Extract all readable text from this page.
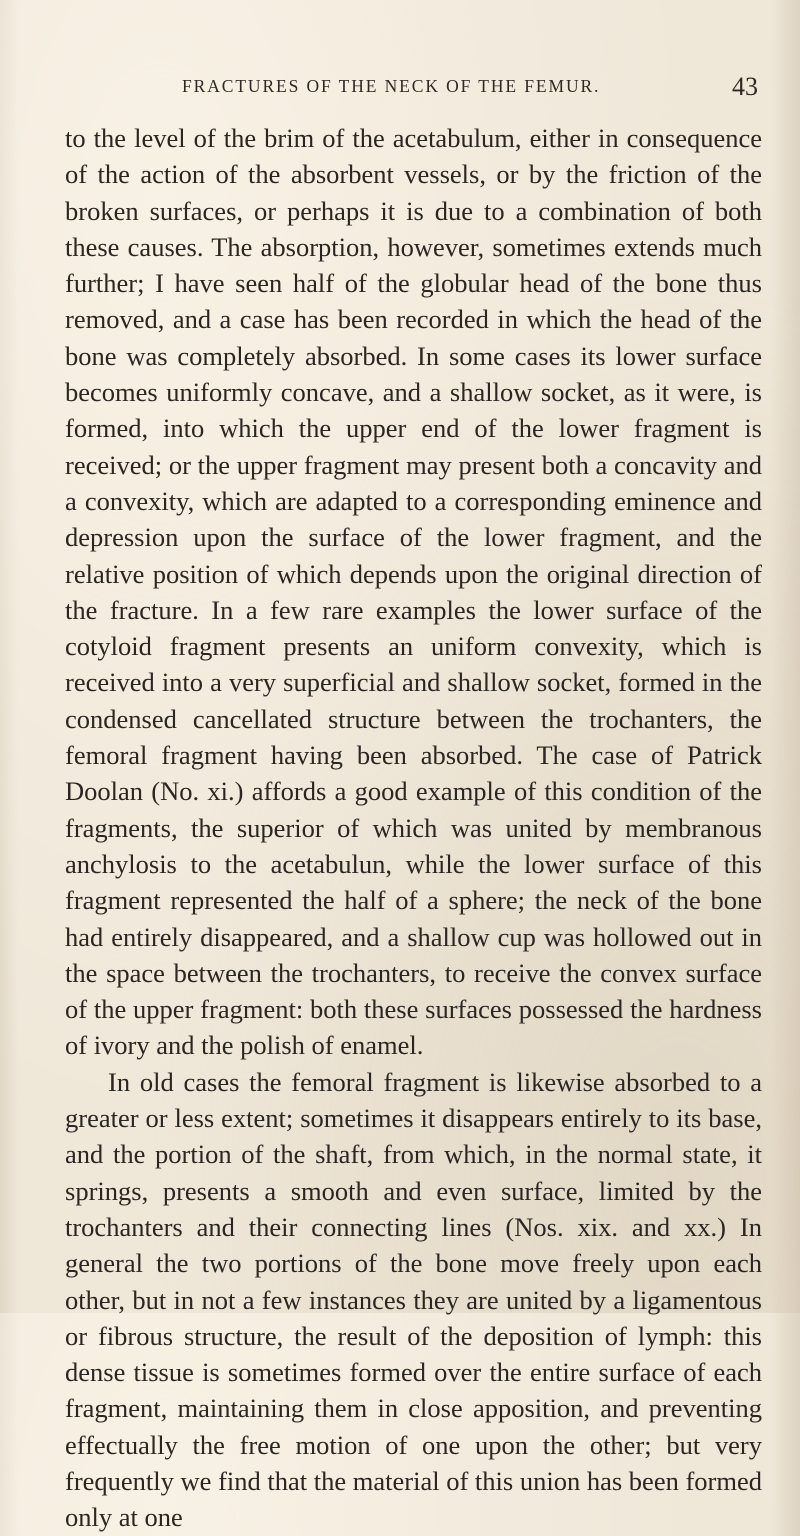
FRACTURES OF THE NECK OF THE FEMUR.	43

to the level of the brim of the acetabulum, either in consequence of the action of the absorbent vessels, or by the friction of the broken surfaces, or perhaps it is due to a combination of both these causes. The absorption, however, sometimes extends much further; I have seen half of the globular head of the bone thus removed, and a case has been recorded in which the head of the bone was completely absorbed. In some cases its lower surface becomes uniformly concave, and a shallow socket, as it were, is formed, into which the upper end of the lower fragment is received; or the upper fragment may present both a concavity and a convexity, which are adapted to a corresponding eminence and depression upon the surface of the lower fragment, and the relative position of which depends upon the original direction of the fracture. In a few rare examples the lower surface of the cotyloid fragment presents an uniform convexity, which is received into a very superficial and shallow socket, formed in the condensed cancellated structure between the trochanters, the femoral fragment having been absorbed. The case of Patrick Doolan (No. xi.) affords a good example of this condition of the fragments, the superior of which was united by membranous anchylosis to the acetabulun, while the lower surface of this fragment represented the half of a sphere; the neck of the bone had entirely disappeared, and a shallow cup was hollowed out in the space between the trochanters, to receive the convex surface of the upper fragment: both these surfaces possessed the hardness of ivory and the polish of enamel.

In old cases the femoral fragment is likewise absorbed to a greater or less extent; sometimes it disappears entirely to its base, and the portion of the shaft, from which, in the normal state, it springs, presents a smooth and even surface, limited by the trochanters and their connecting lines (Nos. xix. and xx.) In general the two portions of the bone move freely upon each other, but in not a few instances they are united by a ligamentous or fibrous structure, the result of the deposition of lymph: this dense tissue is sometimes formed over the entire surface of each fragment, maintaining them in close apposition, and preventing effectually the free motion of one upon the other; but very frequently we find that the material of this union has been formed only at one
